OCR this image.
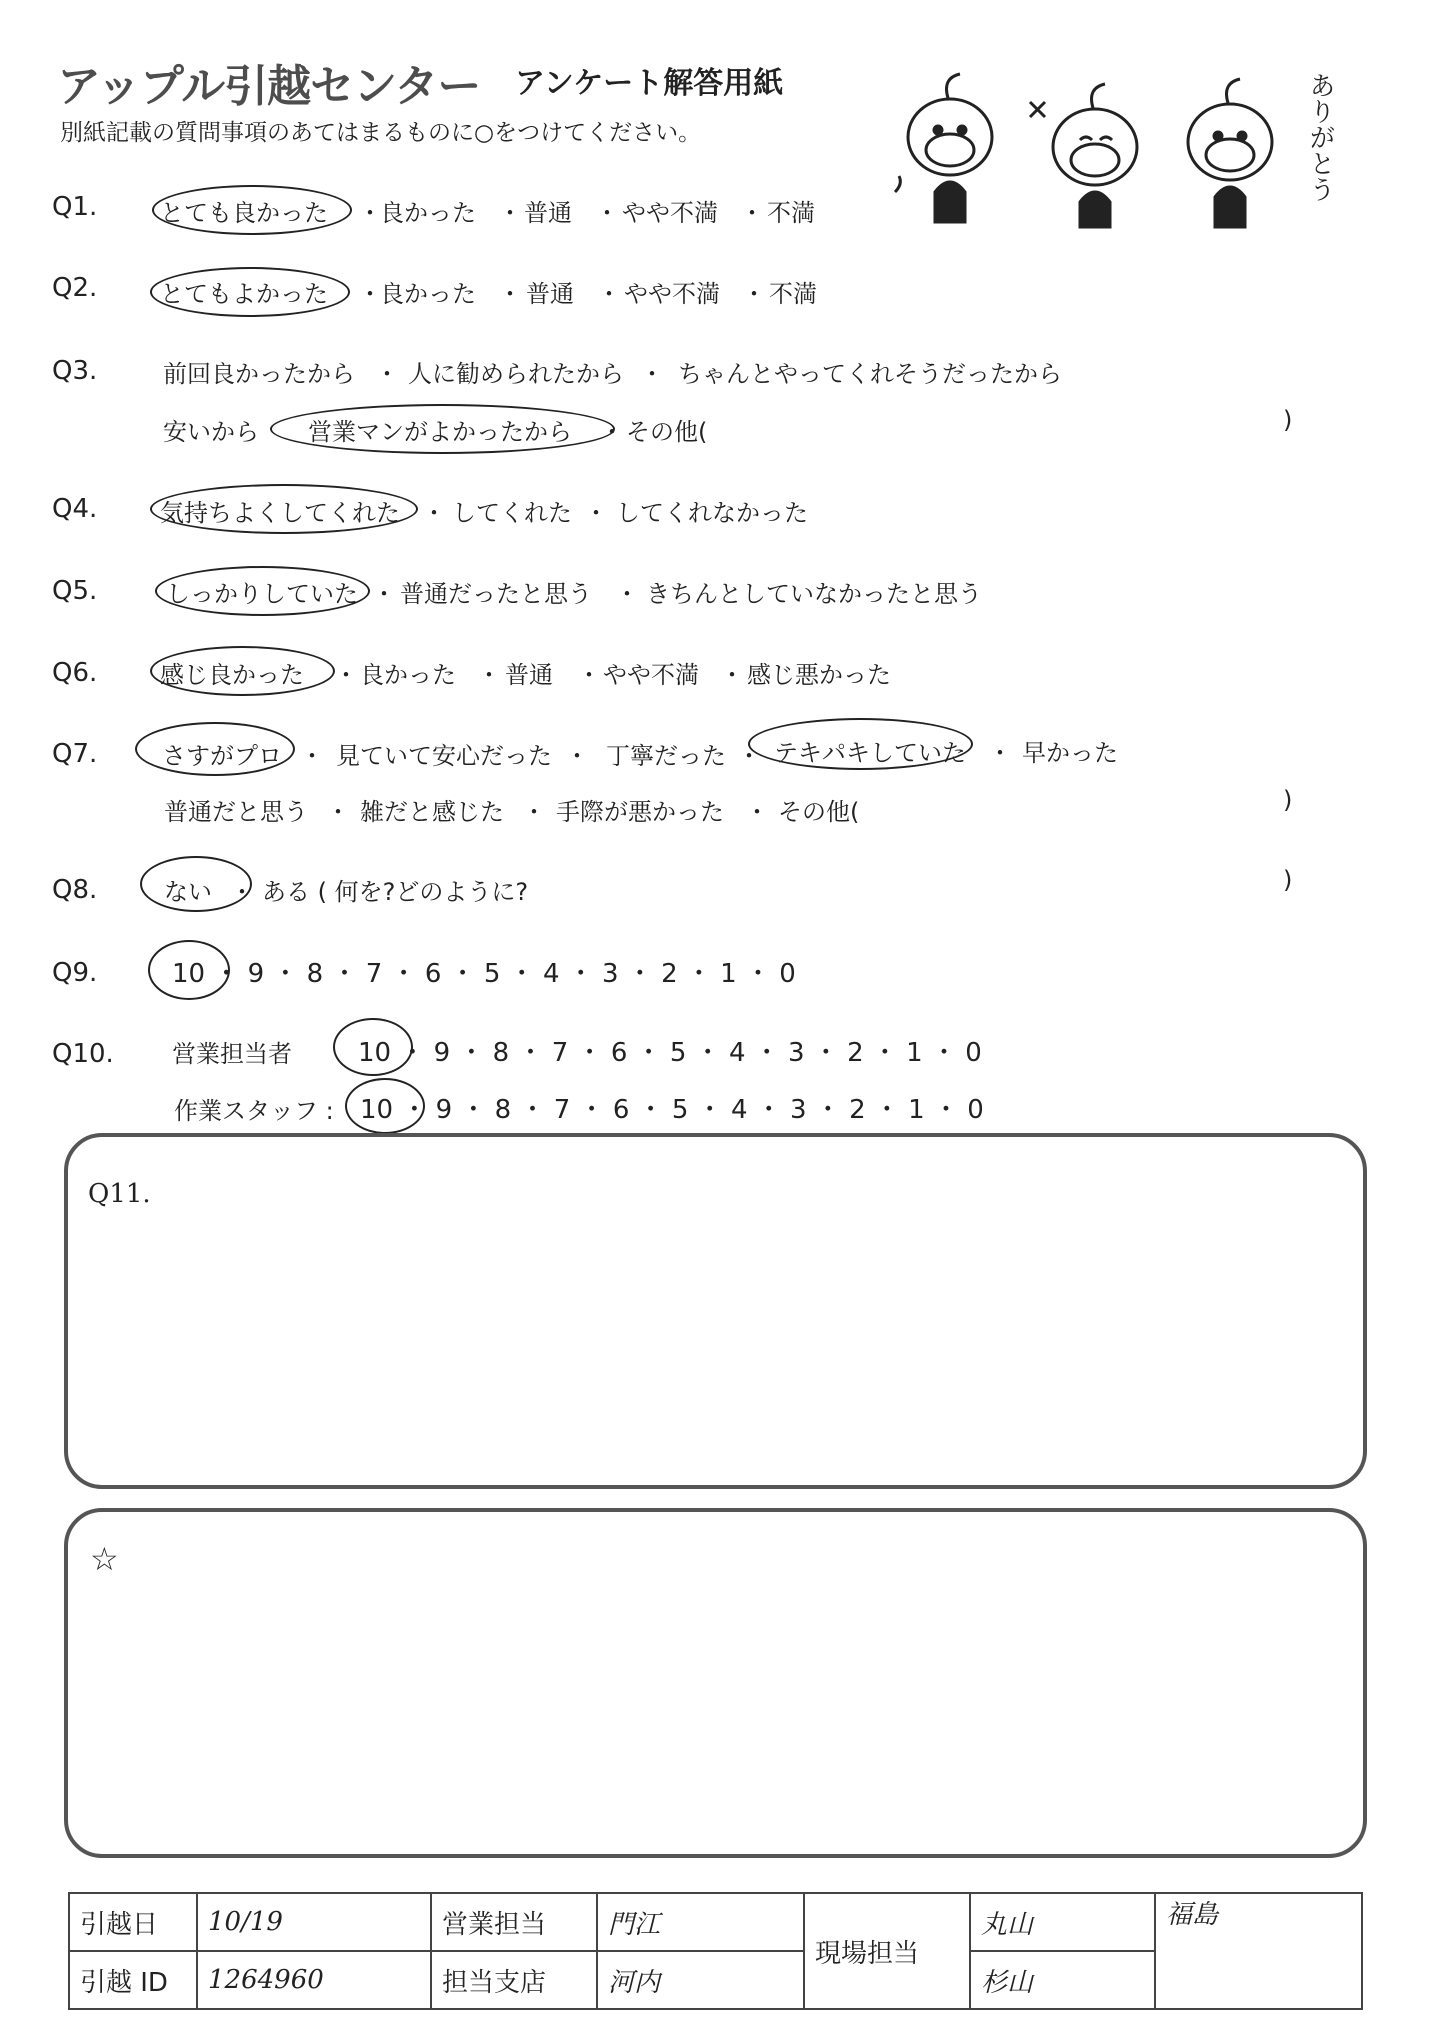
アップル引越センター アンケート解答用紙
別紙記載の質問事項のあてはまるものに○をつけてください。	ありがとう
Q1.	とても良かった ・
良かった ・ 普通 ・ やや不満 ・ 不満
Q2.	とてもよかった ・
良かった ・ 普通 ・ やや不満 ・ 不満
Q3.	前回良かったから ・ 人に勧められたから ・ ちゃんとやってくれそうだったから
安いから 営業マンがよかったから ・ その他(	)
Q4.	気持ちよくしてくれた ・ してくれた ・ してくれなかった
Q5.	しっかりしていた ・ 普通だったと思う ・ きちんとしていなかったと思う
Q6.	感じ良かった ・ 良かった ・ 普通 ・ やや不満 ・ 感じ悪かった
Q7.	さすがプロ ・ 見ていて安心だった ・ 丁寧だった ・ テキパキしていた ・ 早かった
普通だと思う ・ 雑だと感じた ・ 手際が悪かった ・ その他(	)
Q8.	ない ・ ある ( 何を?どのように?	)
Q9.	10 ・ 9 ・ 8 ・ 7 ・ 6 ・ 5 ・ 4 ・ 3 ・ 2 ・ 1 ・ 0
Q10. 営業担当者	10 ・ 9 ・ 8 ・ 7 ・ 6 ・ 5 ・ 4 ・ 3 ・ 2 ・ 1 ・ 0
作業スタッフ : 10 ・ 9 ・ 8 ・ 7 ・ 6 ・ 5 ・ 4 ・ 3 ・ 2 ・ 1 ・ 0
Q11.
☆
引越日	10/19	営業担当	門江	現場担当	丸山	福島
引越 ID	1264960	担当支店	河内		杉山	
